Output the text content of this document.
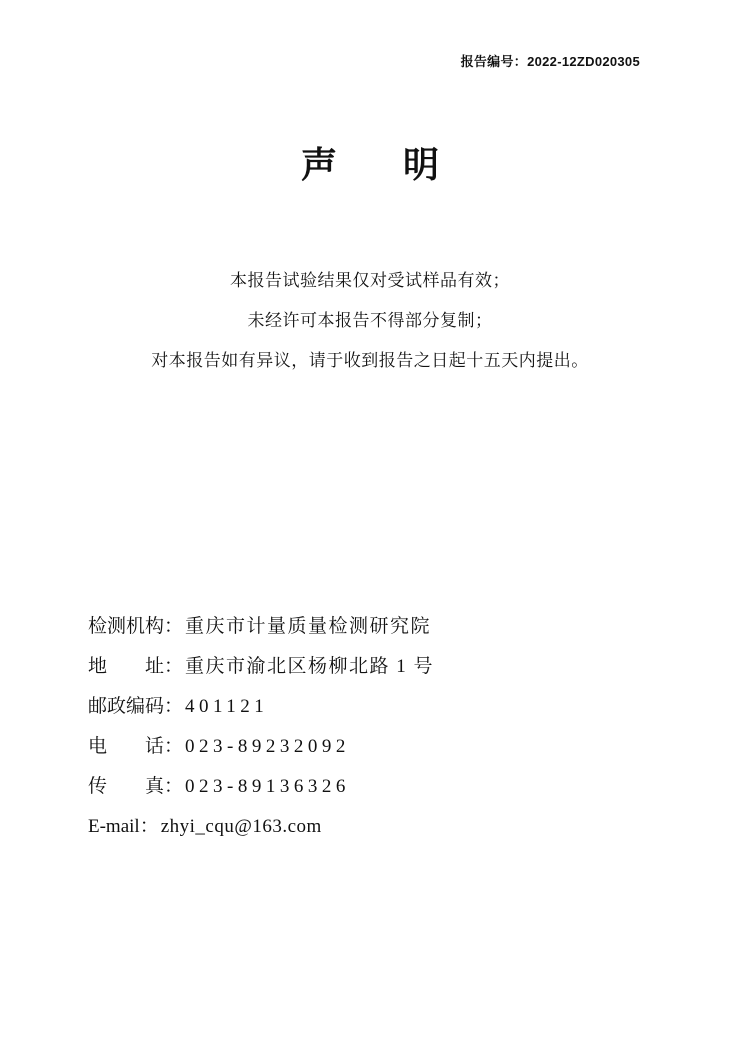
报告编号：2022-12ZD020305
声 明
本报告试验结果仅对受试样品有效；
未经许可本报告不得部分复制；
对本报告如有异议，请于收到报告之日起十五天内提出。
检 测 机 构 ： 重庆市计量质量检测研究院
地 址 ： 重庆市渝北区杨柳北路 1 号
邮 政 编 码 ： 401121
电 话 ： 023-89232092
传 真 ： 023-89136326
E-mail ： zhyi_cqu@163.com
